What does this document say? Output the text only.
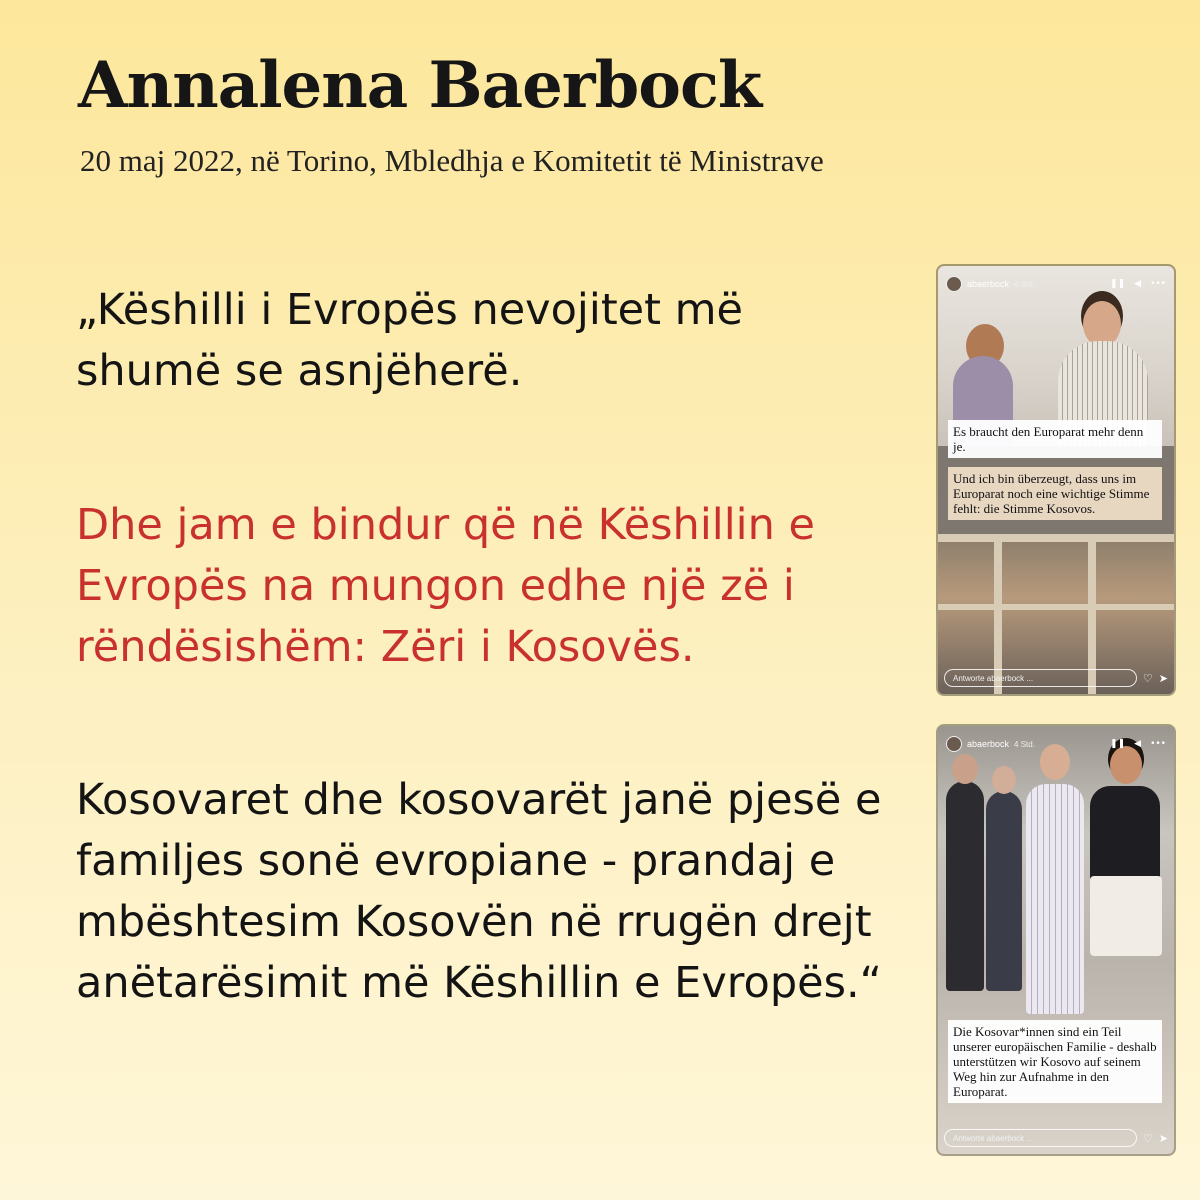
Annalena Baerbock
20 maj 2022, në Torino, Mbledhja e Komitetit të Ministrave
„Këshilli i Evropës nevojitet më shumë se asnjëherë.
Dhe jam e bindur që në Këshillin e Evropës na mungon edhe një zë i rëndësishëm: Zëri i Kosovës.
Kosovaret dhe kosovarët janë pjesë e familjes sonë evropiane - prandaj e mbështesim Kosovën në rrugën drejt anëtarësimit më Këshillin e Evropës.“
abaerbock 4 Std.	❚❚ ◀ •••
Es braucht den Europarat mehr denn je.
Und ich bin überzeugt, dass uns im Europarat noch eine wichtige Stimme fehlt: die Stimme Kosovos.
Antworte abaerbock ...	♡ ➤
abaerbock 4 Std.	❚❚ ◀ •••
Die Kosovar*innen sind ein Teil unserer europäischen Familie - deshalb unterstützen wir Kosovo auf seinem Weg hin zur Aufnahme in den Europarat.
Antworte abaerbock ...	♡ ➤
